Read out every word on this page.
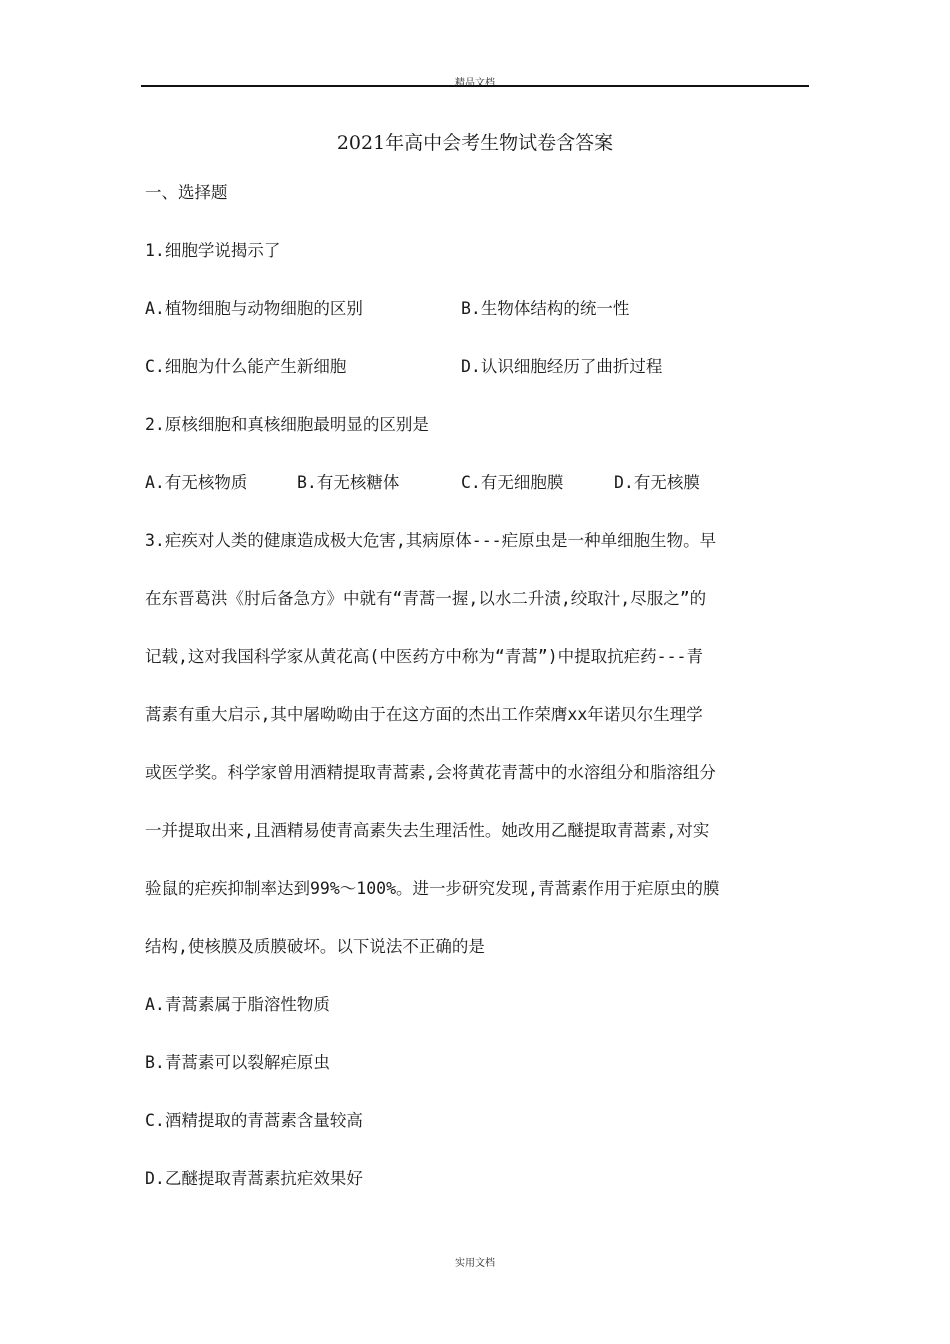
精品文档
2021年高中会考生物试卷含答案
一、选择题
1.细胞学说揭示了
A.植物细胞与动物细胞的区别	B.生物体结构的统一性
C.细胞为什么能产生新细胞	D.认识细胞经历了曲折过程
2.原核细胞和真核细胞最明显的区别是
A.有无核物质	B.有无核糖体	C.有无细胞膜	D.有无核膜
3.疟疾对人类的健康造成极大危害,其病原体---疟原虫是一种单细胞生物。早
在东晋葛洪《肘后备急方》中就有“青蒿一握,以水二升渍,绞取汁,尽服之”的
记载,这对我国科学家从黄花高(中医药方中称为“青蒿”)中提取抗疟药---青
蒿素有重大启示,其中屠呦呦由于在这方面的杰出工作荣膺xx年诺贝尔生理学
或医学奖。科学家曾用酒精提取青蒿素,会将黄花青蒿中的水溶组分和脂溶组分
一并提取出来,且酒精易使青高素失去生理活性。她改用乙醚提取青蒿素,对实
验鼠的疟疾抑制率达到99%～100%。进一步研究发现,青蒿素作用于疟原虫的膜
结构,使核膜及质膜破坏。以下说法不正确的是
A.青蒿素属于脂溶性物质
B.青蒿素可以裂解疟原虫
C.酒精提取的青蒿素含量较高
D.乙醚提取青蒿素抗疟效果好
实用文档
